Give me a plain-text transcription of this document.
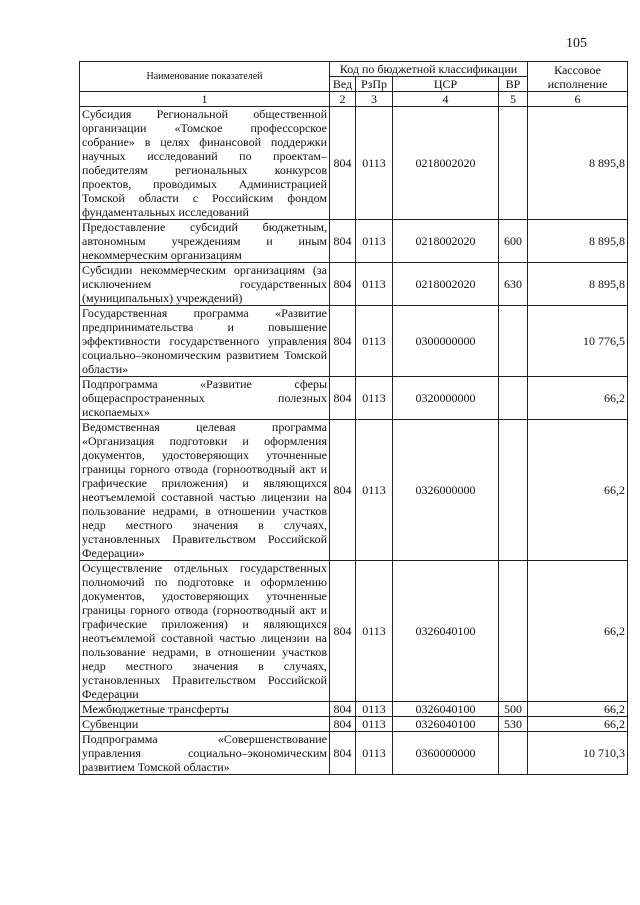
105
Наименование показателей	Код по бюджетной классификации				Кассовое исполнение
	Вед	РзПр	ЦСР	ВР	
1	2	3	4	5	6
Субсидия Региональной общественной организации «Томское профессорское собрание» в целях финансовой поддержки научных исследований по проектам–победителям региональных конкурсов проектов, проводимых Администрацией Томской области с Российским фондом фундаментальных исследований	804	0113	0218002020		8 895,8
Предоставление субсидий бюджетным, автономным учреждениям и иным некоммерческим организациям	804	0113	0218002020	600	8 895,8
Субсидии некоммерческим организациям (за исключением государственных (муниципальных) учреждений)	804	0113	0218002020	630	8 895,8
Государственная программа «Развитие предпринимательства и повышение эффективности государственного управления социально–экономическим развитием Томской области»	804	0113	0300000000		10 776,5
Подпрограмма «Развитие сферы общераспространенных полезных ископаемых»	804	0113	0320000000		66,2
Ведомственная целевая программа «Организация подготовки и оформления документов, удостоверяющих уточненные границы горного отвода (горноотводный акт и графические приложения) и являющихся неотъемлемой составной частью лицензии на пользование недрами, в отношении участков недр местного значения в случаях, установленных Правительством Российской Федерации»	804	0113	0326000000		66,2
Осуществление отдельных государственных полномочий по подготовке и оформлению документов, удостоверяющих уточненные границы горного отвода (горноотводный акт и графические приложения) и являющихся неотъемлемой составной частью лицензии на пользование недрами, в отношении участков недр местного значения в случаях, установленных Правительством Российской Федерации	804	0113	0326040100		66,2
Межбюджетные трансферты	804	0113	0326040100	500	66,2
Субвенции	804	0113	0326040100	530	66,2
Подпрограмма «Совершенствование управления социально–экономическим развитием Томской области»	804	0113	0360000000		10 710,3
